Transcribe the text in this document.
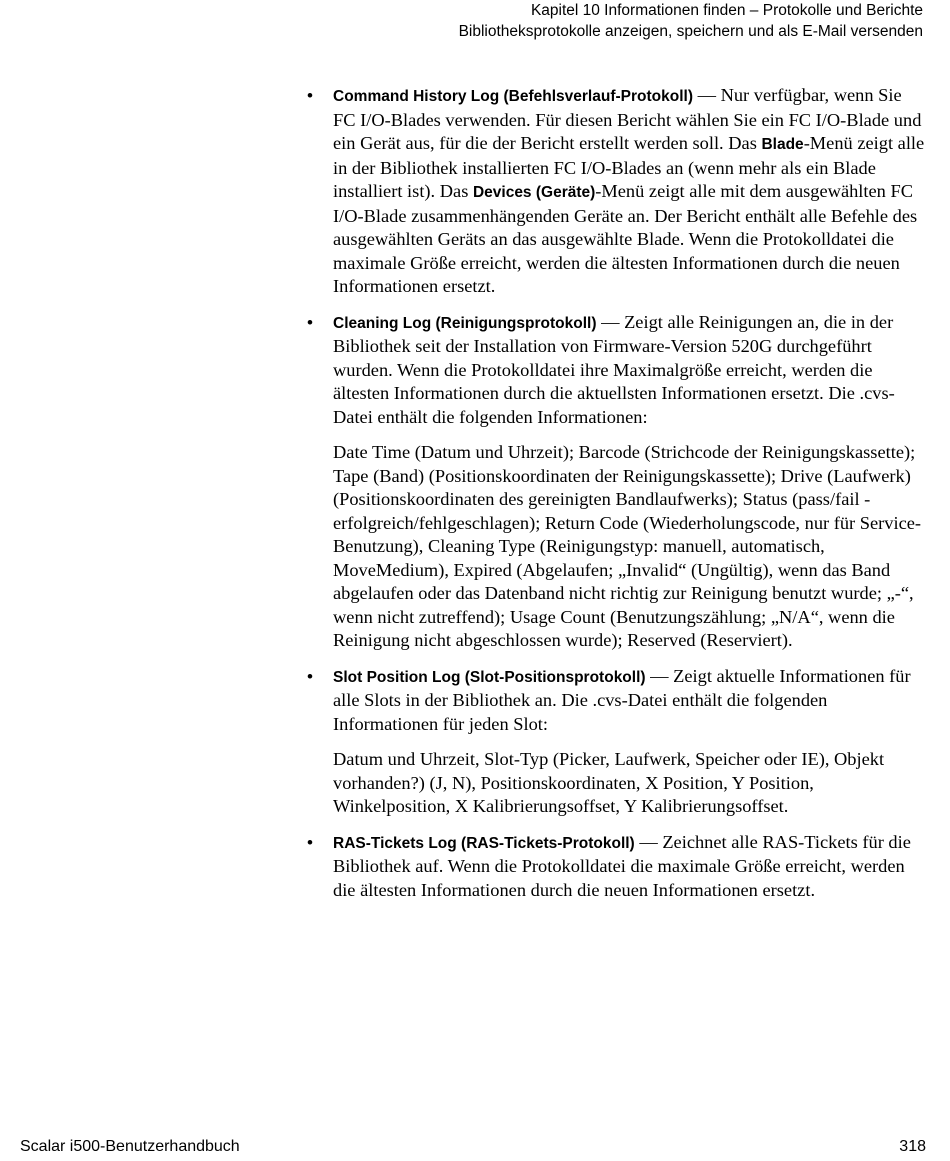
Kapitel 10 Informationen finden – Protokolle und Berichte
Bibliotheksprotokolle anzeigen, speichern und als E-Mail versenden
• Command History Log (Befehlsverlauf-Protokoll) — Nur verfügbar, wenn Sie FC I/O-Blades verwenden. Für diesen Bericht wählen Sie ein FC I/O-Blade und ein Gerät aus, für die der Bericht erstellt werden soll. Das Blade-Menü zeigt alle in der Bibliothek installierten FC I/O-Blades an (wenn mehr als ein Blade installiert ist). Das Devices (Geräte)-Menü zeigt alle mit dem ausgewählten FC I/O-Blade zusammenhängenden Geräte an. Der Bericht enthält alle Befehle des ausgewählten Geräts an das ausgewählte Blade. Wenn die Protokolldatei die maximale Größe erreicht, werden die ältesten Informationen durch die neuen Informationen ersetzt.

• Cleaning Log (Reinigungsprotokoll) — Zeigt alle Reinigungen an, die in der Bibliothek seit der Installation von Firmware-Version 520G durchgeführt wurden. Wenn die Protokolldatei ihre Maximalgröße erreicht, werden die ältesten Informationen durch die aktuellsten Informationen ersetzt. Die .cvs-Datei enthält die folgenden Informationen:

Date Time (Datum und Uhrzeit); Barcode (Strichcode der Reinigungskassette); Tape (Band) (Positionskoordinaten der Reinigungskassette); Drive (Laufwerk) (Positionskoordinaten des gereinigten Bandlaufwerks); Status (pass/fail - erfolgreich/fehlgeschlagen); Return Code (Wiederholungscode, nur für Service-Benutzung), Cleaning Type (Reinigungstyp: manuell, automatisch, MoveMedium), Expired (Abgelaufen; „Invalid“ (Ungültig), wenn das Band abgelaufen oder das Datenband nicht richtig zur Reinigung benutzt wurde; „-“, wenn nicht zutreffend); Usage Count (Benutzungszählung; „N/A“, wenn die Reinigung nicht abgeschlossen wurde); Reserved (Reserviert).

• Slot Position Log (Slot-Positionsprotokoll) — Zeigt aktuelle Informationen für alle Slots in der Bibliothek an. Die .cvs-Datei enthält die folgenden Informationen für jeden Slot:

Datum und Uhrzeit, Slot-Typ (Picker, Laufwerk, Speicher oder IE), Objekt vorhanden?) (J, N), Positionskoordinaten, X Position, Y Position, Winkelposition, X Kalibrierungsoffset, Y Kalibrierungsoffset.

• RAS-Tickets Log (RAS-Tickets-Protokoll) — Zeichnet alle RAS-Tickets für die Bibliothek auf. Wenn die Protokolldatei die maximale Größe erreicht, werden die ältesten Informationen durch die neuen Informationen ersetzt.

Scalar i500-Benutzerhandbuch	318
